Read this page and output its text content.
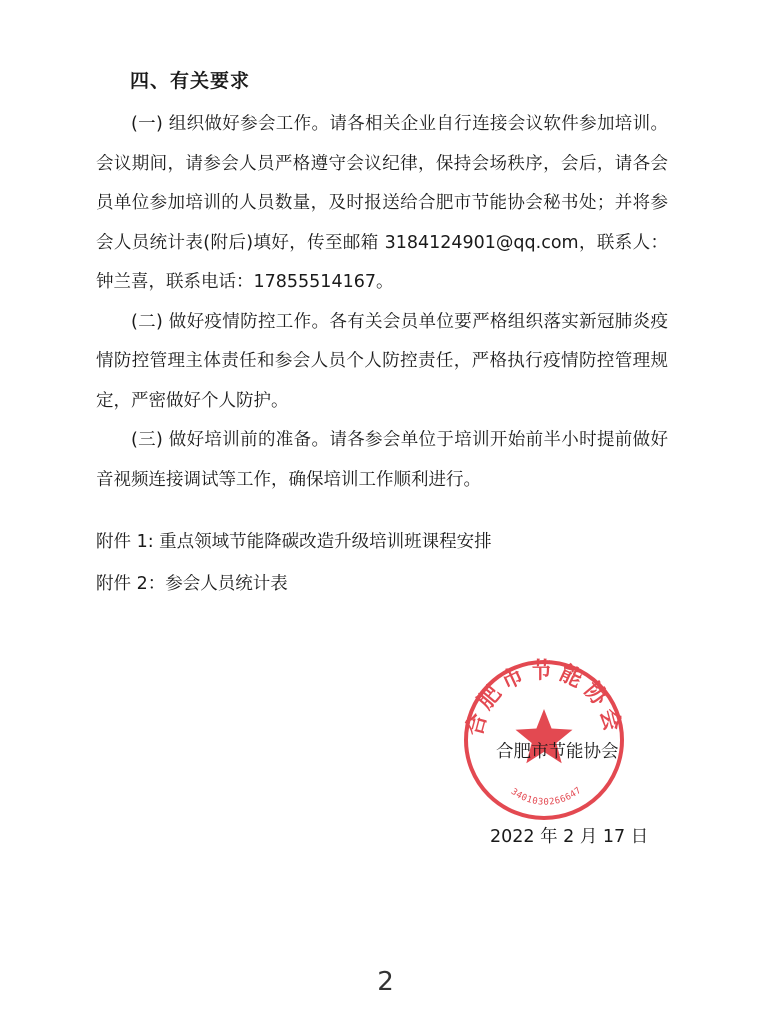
四、有关要求

(一) 组织做好参会工作。请各相关企业自行连接会议软件参加培训。会议期间，请参会人员严格遵守会议纪律，保持会场秩序，会后，请各会员单位参加培训的人员数量，及时报送给合肥市节能协会秘书处；并将参会人员统计表(附后)填好，传至邮箱 3184124901@qq.com，联系人：钟兰喜，联系电话：17855514167。

(二) 做好疫情防控工作。各有关会员单位要严格组织落实新冠肺炎疫情防控管理主体责任和参会人员个人防控责任，严格执行疫情防控管理规定，严密做好个人防护。

(三) 做好培训前的准备。请各参会单位于培训开始前半小时提前做好音视频连接调试等工作，确保培训工作顺利进行。

附件 1: 重点领域节能降碳改造升级培训班课程安排
附件 2：参会人员统计表
合肥市节能协会
3401030266647
合肥市节能协会
2022 年 2 月 17 日
2
